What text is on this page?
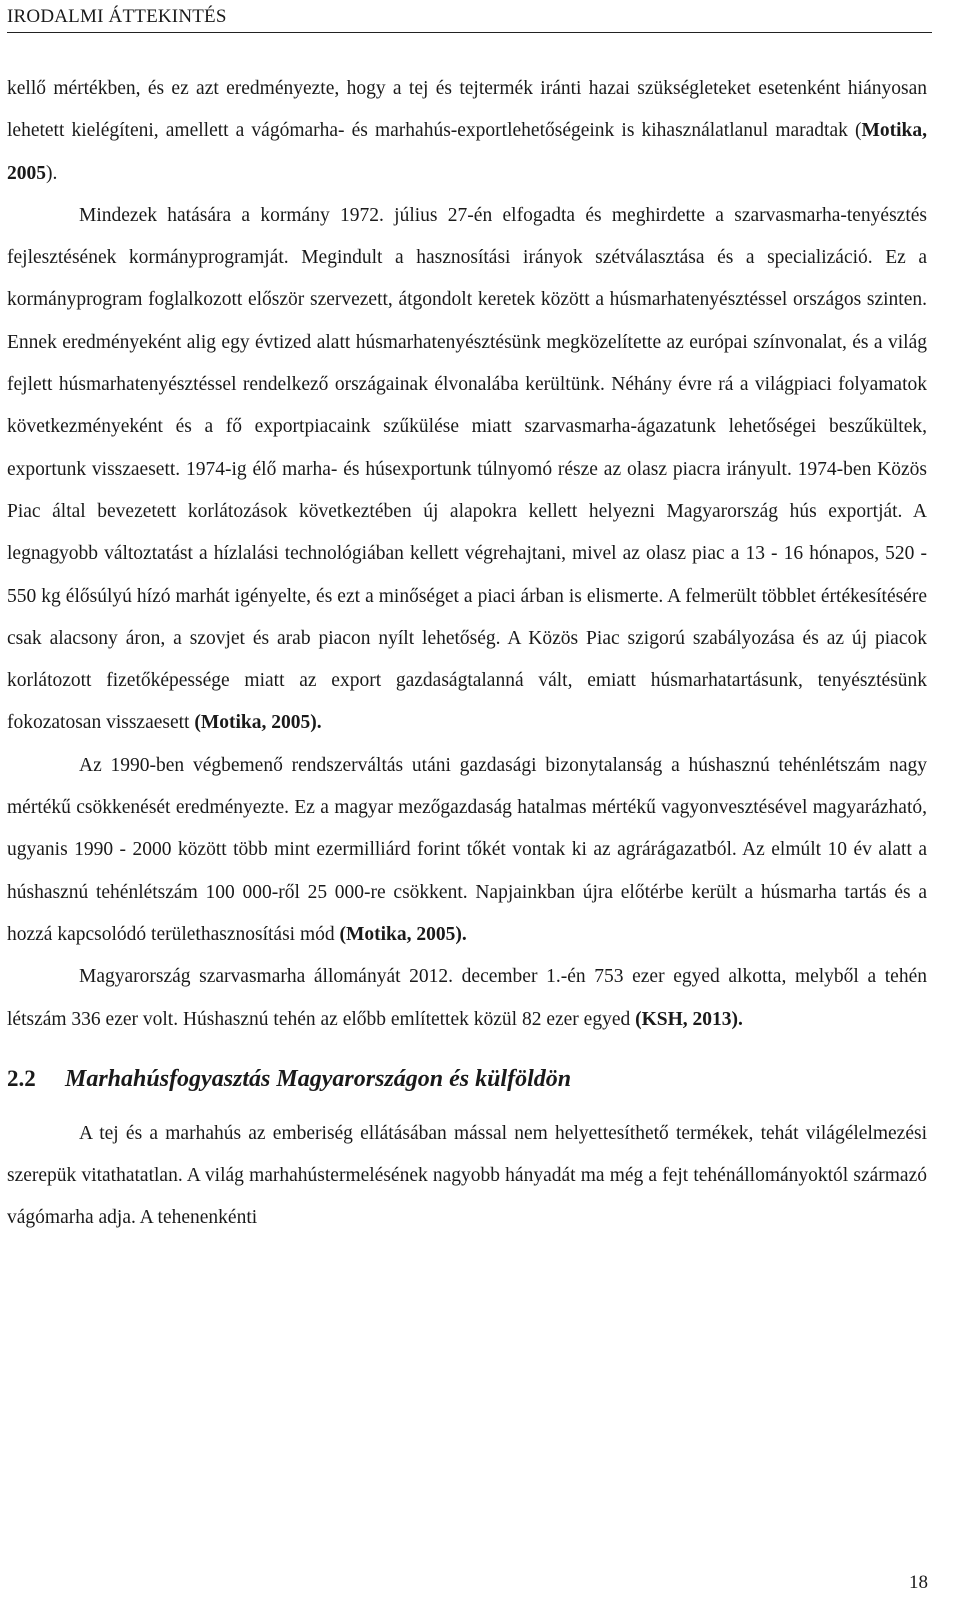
IRODALMI ÁTTEKINTÉS

kellő mértékben, és ez azt eredményezte, hogy a tej és tejtermék iránti hazai szükségleteket esetenként hiányosan lehetett kielégíteni, amellett a vágómarha- és marhahús-exportlehetőségeink is kihasználatlanul maradtak (Motika, 2005).

Mindezek hatására a kormány 1972. július 27-én elfogadta és meghirdette a szarvasmarha-tenyésztés fejlesztésének kormányprogramját. Megindult a hasznosítási irányok szétválasztása és a specializáció. Ez a kormányprogram foglalkozott először szervezett, átgondolt keretek között a húsmarhatenyésztéssel országos szinten. Ennek eredményeként alig egy évtized alatt húsmarhatenyésztésünk megközelítette az európai színvonalat, és a világ fejlett húsmarhatenyésztéssel rendelkező országainak élvonalába kerültünk. Néhány évre rá a világpiaci folyamatok következményeként és a fő exportpiacaink szűkülése miatt szarvasmarha-ágazatunk lehetőségei beszűkültek, exportunk visszaesett. 1974-ig élő marha- és húsexportunk túlnyomó része az olasz piacra irányult. 1974-ben Közös Piac által bevezetett korlátozások következtében új alapokra kellett helyezni Magyarország hús exportját. A legnagyobb változtatást a hízlalási technológiában kellett végrehajtani, mivel az olasz piac a 13 - 16 hónapos, 520 - 550 kg élősúlyú hízó marhát igényelte, és ezt a minőséget a piaci árban is elismerte. A felmerült többlet értékesítésére csak alacsony áron, a szovjet és arab piacon nyílt lehetőség. A Közös Piac szigorú szabályozása és az új piacok korlátozott fizetőképessége miatt az export gazdaságtalanná vált, emiatt húsmarhatartásunk, tenyésztésünk fokozatosan visszaesett (Motika, 2005).

Az 1990-ben végbemenő rendszerváltás utáni gazdasági bizonytalanság a húshasznú tehénlétszám nagy mértékű csökkenését eredményezte. Ez a magyar mezőgazdaság hatalmas mértékű vagyonvesztésével magyarázható, ugyanis 1990 - 2000 között több mint ezermilliárd forint tőkét vontak ki az agrárágazatból. Az elmúlt 10 év alatt a húshasznú tehénlétszám 100 000-ről 25 000-re csökkent. Napjainkban újra előtérbe került a húsmarha tartás és a hozzá kapcsolódó területhasznosítási mód (Motika, 2005).

Magyarország szarvasmarha állományát 2012. december 1.-én 753 ezer egyed alkotta, melyből a tehén létszám 336 ezer volt. Húshasznú tehén az előbb említettek közül 82 ezer egyed (KSH, 2013).

2.2 Marhahúsfogyasztás Magyarországon és külföldön

A tej és a marhahús az emberiség ellátásában mással nem helyettesíthető termékek, tehát világélelmezési szerepük vitathatatlan. A világ marhahústermelésének nagyobb hányadát ma még a fejt tehénállományoktól származó vágómarha adja. A tehenenkénti

18
